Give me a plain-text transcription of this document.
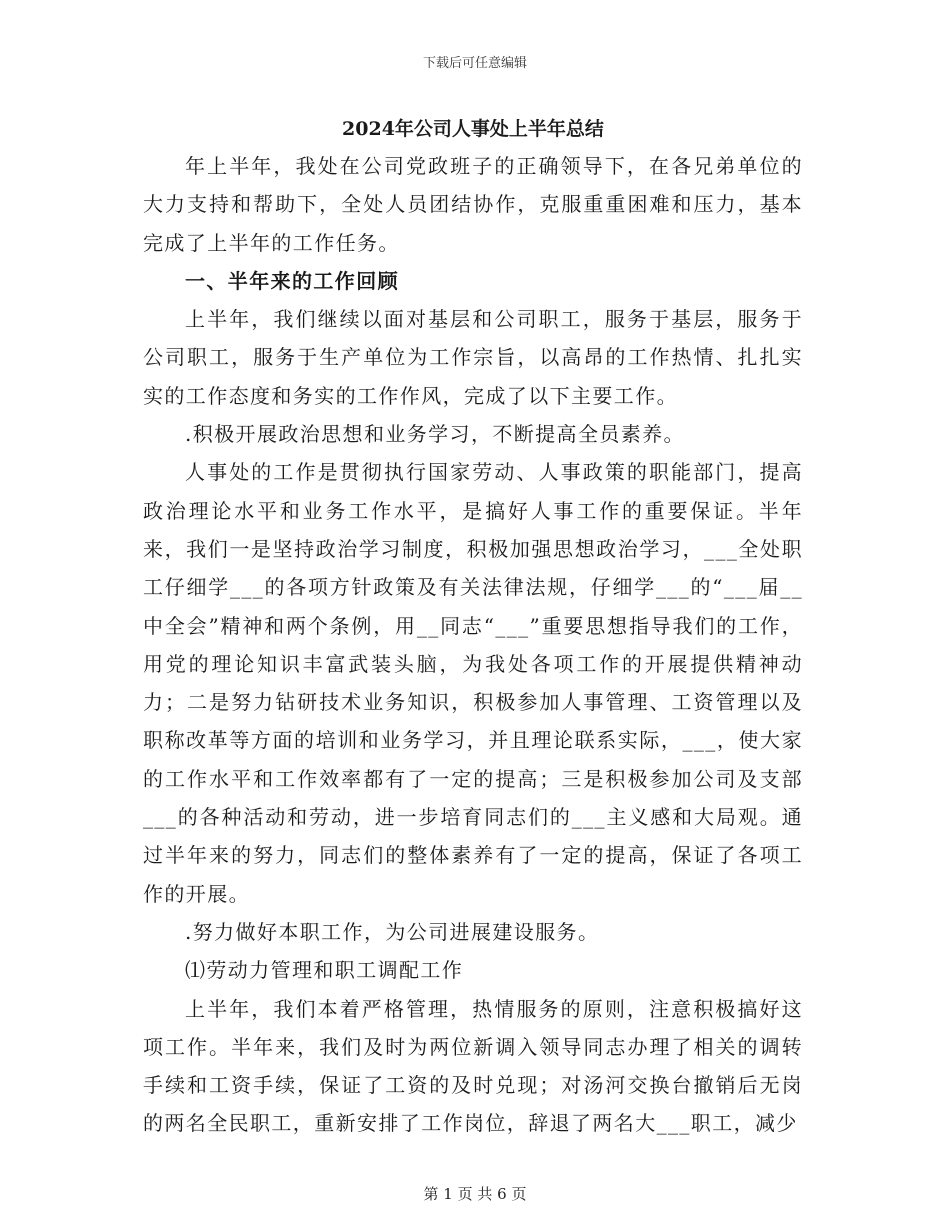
下载后可任意编辑
2024年公司人事处上半年总结

年上半年，我处在公司党政班子的正确领导下，在各兄弟单位的大力支持和帮助下，全处人员团结协作，克服重重困难和压力，基本完成了上半年的工作任务。

一、半年来的工作回顾

上半年，我们继续以面对基层和公司职工，服务于基层，服务于公司职工，服务于生产单位为工作宗旨，以高昂的工作热情、扎扎实实的工作态度和务实的工作作风，完成了以下主要工作。

.积极开展政治思想和业务学习，不断提高全员素养。

人事处的工作是贯彻执行国家劳动、人事政策的职能部门，提高政治理论水平和业务工作水平，是搞好人事工作的重要保证。半年来，我们一是坚持政治学习制度，积极加强思想政治学习，___全处职工仔细学___的各项方针政策及有关法律法规，仔细学___的“___届__中全会”精神和两个条例，用__同志“___”重要思想指导我们的工作，用党的理论知识丰富武装头脑，为我处各项工作的开展提供精神动力；二是努力钻研技术业务知识，积极参加人事管理、工资管理以及职称改革等方面的培训和业务学习，并且理论联系实际，___，使大家的工作水平和工作效率都有了一定的提高；三是积极参加公司及支部___的各种活动和劳动，进一步培育同志们的___主义感和大局观。通过半年来的努力，同志们的整体素养有了一定的提高，保证了各项工作的开展。

.努力做好本职工作，为公司进展建设服务。

⑴劳动力管理和职工调配工作

上半年，我们本着严格管理，热情服务的原则，注意积极搞好这项工作。半年来，我们及时为两位新调入领导同志办理了相关的调转手续和工资手续，保证了工资的及时兑现；对汤河交换台撤销后无岗的两名全民职工，重新安排了工作岗位，辞退了两名大___职工，减少

第 1 页 共 6 页
